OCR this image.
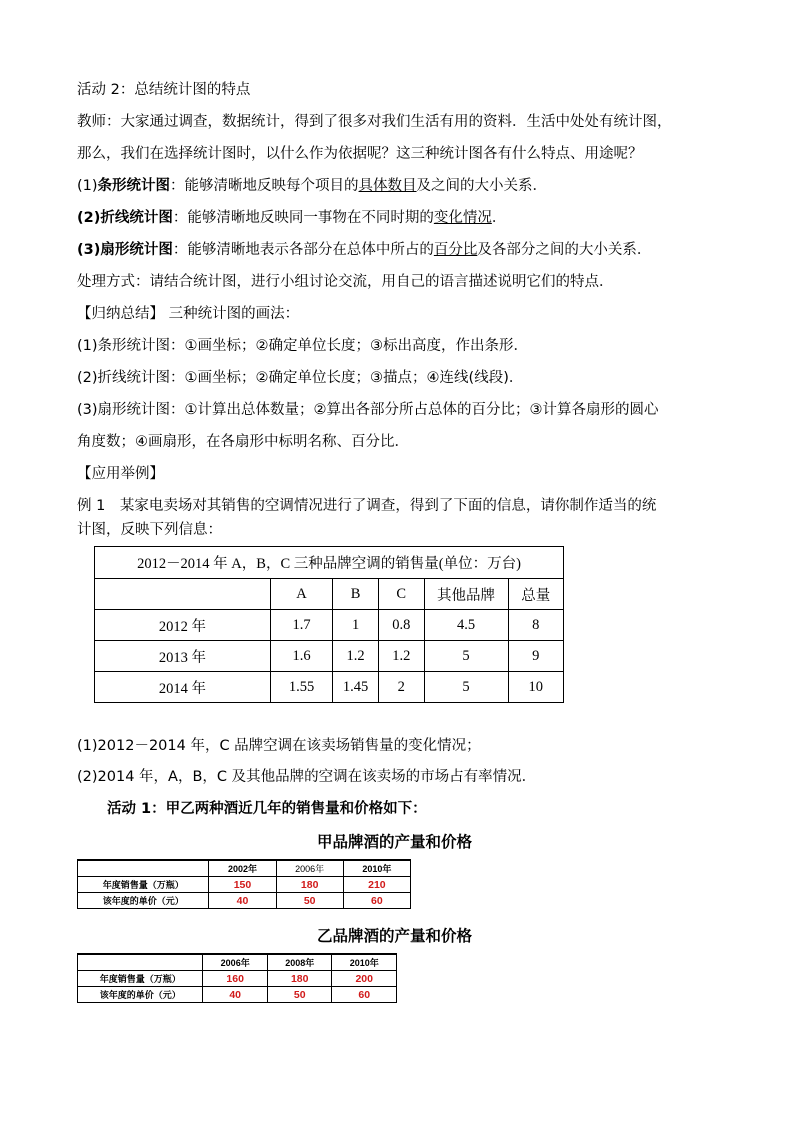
活动 2：总结统计图的特点
教师：大家通过调查，数据统计，得到了很多对我们生活有用的资料．生活中处处有统计图，
那么，我们在选择统计图时，以什么作为依据呢？这三种统计图各有什么特点、用途呢？
(1)条形统计图：能够清晰地反映每个项目的具体数目及之间的大小关系．
(2)折线统计图：能够清晰地反映同一事物在不同时期的变化情况．
(3)扇形统计图：能够清晰地表示各部分在总体中所占的百分比及各部分之间的大小关系．
处理方式：请结合统计图，进行小组讨论交流，用自己的语言描述说明它们的特点．
【归纳总结】 三种统计图的画法：
(1)条形统计图：①画坐标；②确定单位长度；③标出高度，作出条形．
(2)折线统计图：①画坐标；②确定单位长度；③描点；④连线(线段)．
(3)扇形统计图：①计算出总体数量；②算出各部分所占总体的百分比；③计算各扇形的圆心
角度数；④画扇形，在各扇形中标明名称、百分比．
【应用举例】
例 1　某家电卖场对其销售的空调情况进行了调查，得到了下面的信息，请你制作适当的统
计图，反映下列信息：
2012－2014 年 A，B，C 三种品牌空调的销售量(单位：万台)					
	A	B	C	其他品牌	总量
2012 年	1.7	1	0.8	4.5	8
2013 年	1.6	1.2	1.2	5	9
2014 年	1.55	1.45	2	5	10
(1)2012－2014 年，C 品牌空调在该卖场销售量的变化情况；
(2)2014 年，A，B，C 及其他品牌的空调在该卖场的市场占有率情况．
活动 1：甲乙两种酒近几年的销售量和价格如下：
甲品牌酒的产量和价格
	2002年	2006年	2010年
年度销售量（万瓶）	150	180	210
该年度的单价（元）	40	50	60
乙品牌酒的产量和价格
	2006年	2008年	2010年
年度销售量（万瓶）	160	180	200
该年度的单价（元）	40	50	60
